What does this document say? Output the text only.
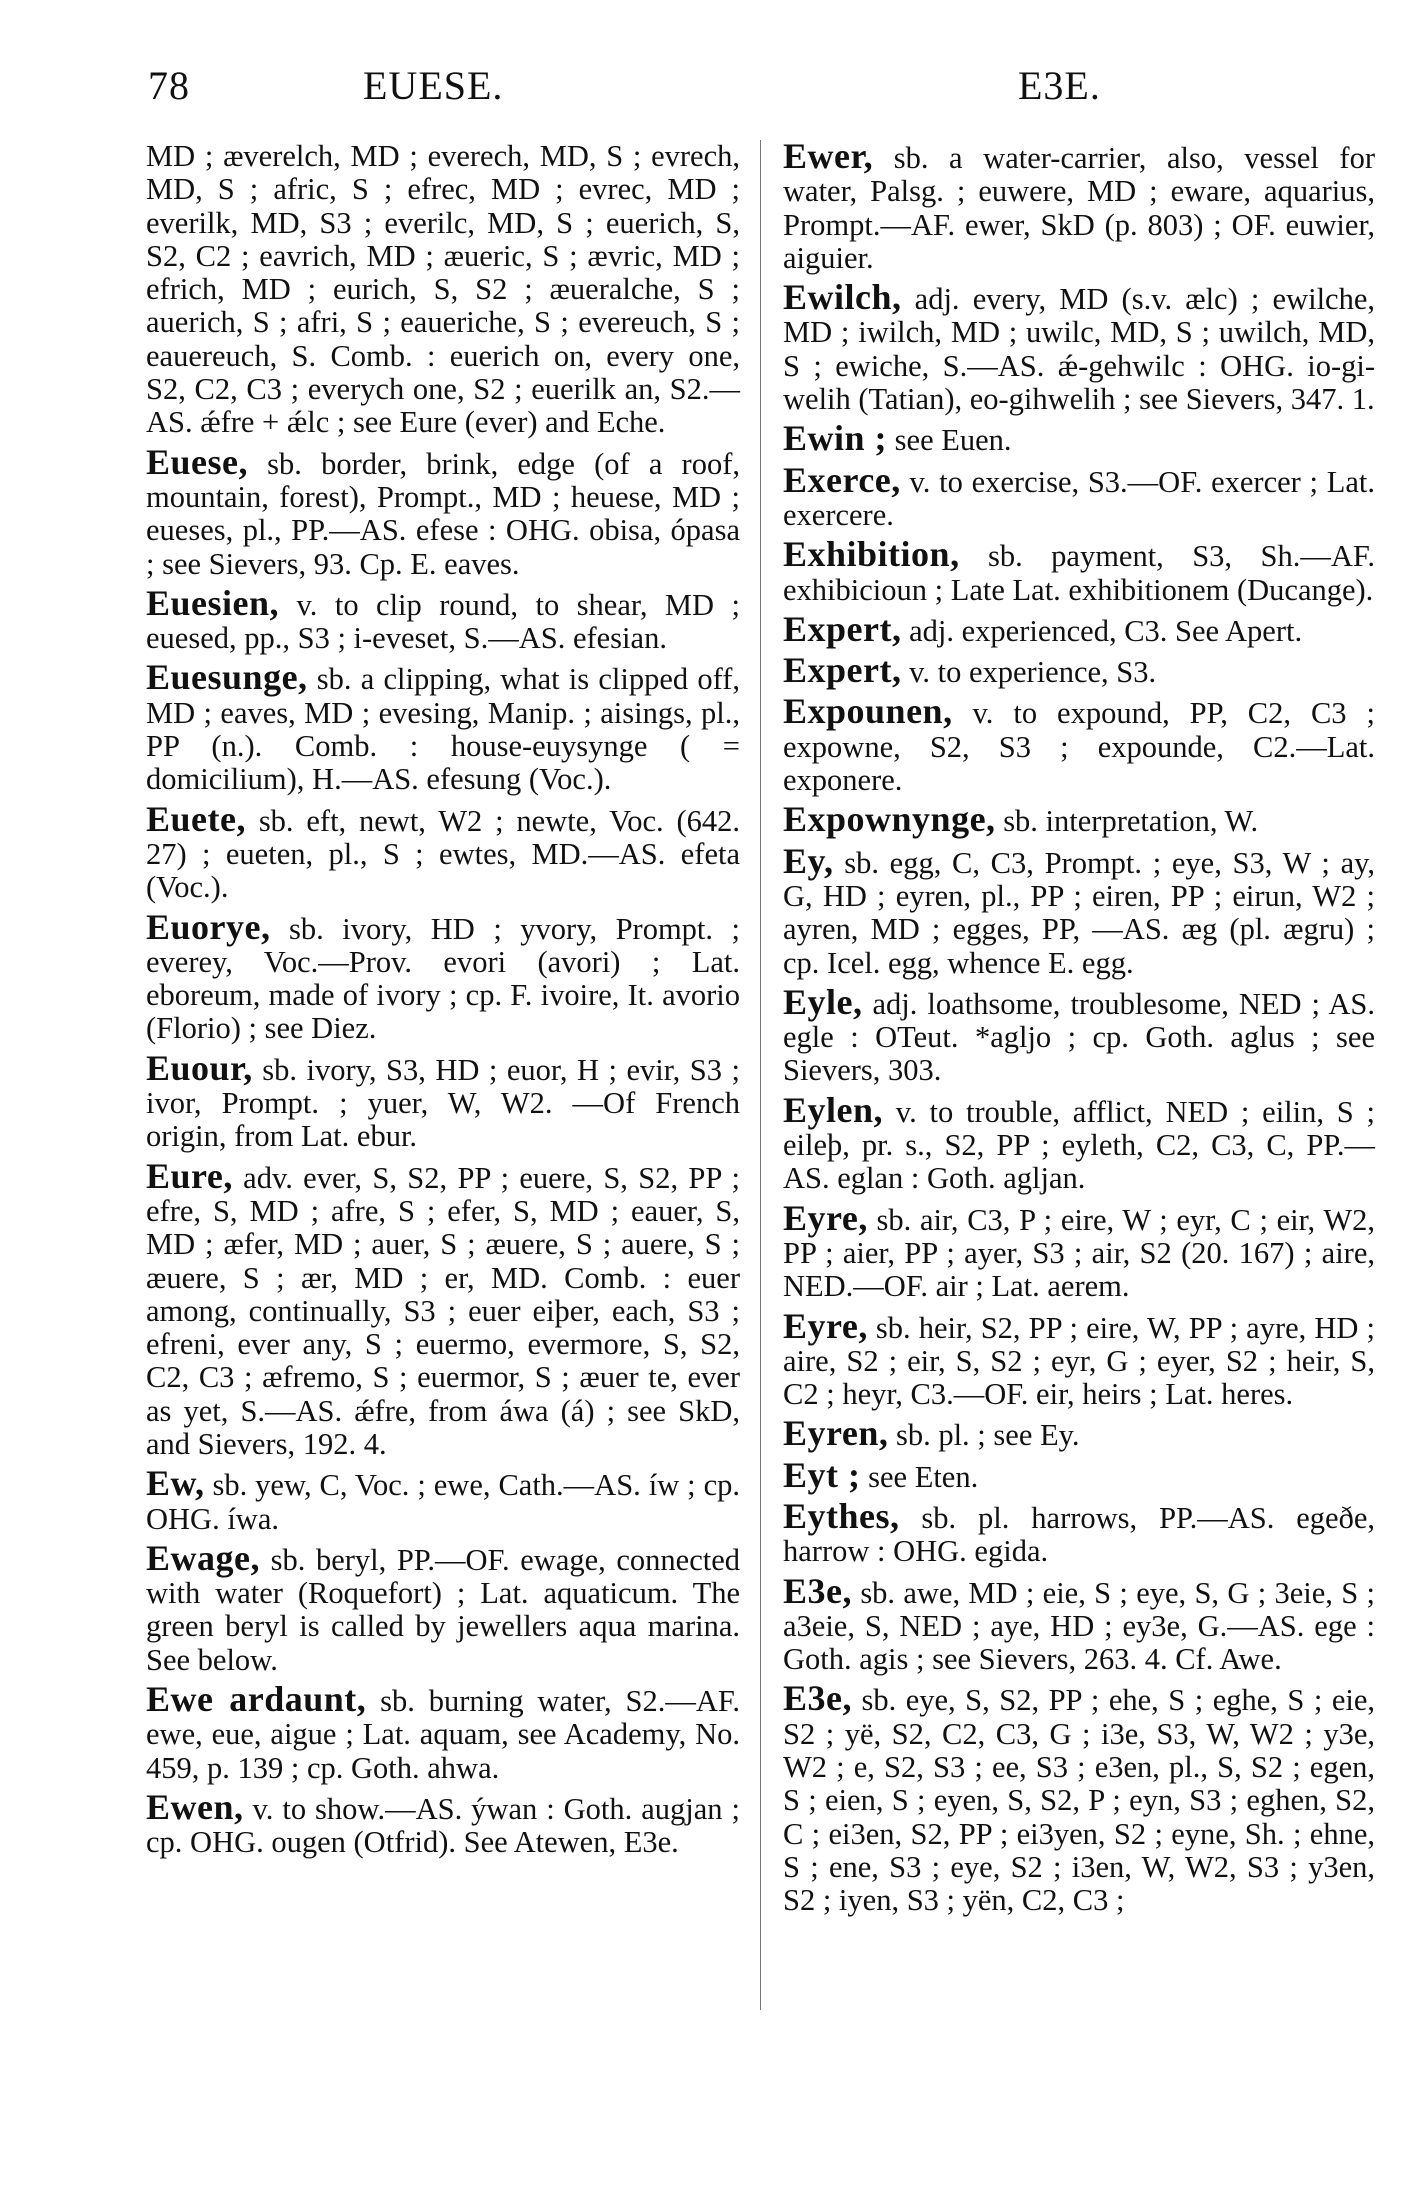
78	EUESE.	E3E.
MD ; æverelch, MD ; everech, MD, S ; evrech, MD, S ; afric, S ; efrec, MD ; evrec, MD ; everilk, MD, S3 ; everilc, MD, S ; euerich, S, S2, C2 ; eavrich, MD ; æueric, S ; ævric, MD ; efrich, MD ; eurich, S, S2 ; æueralche, S ; auerich, S ; afri, S ; eaueriche, S ; evereuch, S ; eauereuch, S. Comb. : euerich on, every one, S2, C2, C3 ; everych one, S2 ; euerilk an, S2.—AS. ǽfre + ǽlc ; see Eure (ever) and Eche.
Euese, sb. border, brink, edge (of a roof, mountain, forest), Prompt., MD ; heuese, MD ; eueses, pl., PP.—AS. efese : OHG. obisa, ópasa ; see Sievers, 93. Cp. E. eaves.
Euesien, v. to clip round, to shear, MD ; euesed, pp., S3 ; i-eveset, S.—AS. efesian.
Euesunge, sb. a clipping, what is clipped off, MD ; eaves, MD ; evesing, Manip. ; aisings, pl., PP (n.). Comb. : house-euysynge ( = domicilium), H.—AS. efesung (Voc.).
Euete, sb. eft, newt, W2 ; newte, Voc. (642. 27) ; eueten, pl., S ; ewtes, MD.—AS. efeta (Voc.).
Euorye, sb. ivory, HD ; yvory, Prompt. ; everey, Voc.—Prov. evori (avori) ; Lat. eboreum, made of ivory ; cp. F. ivoire, It. avorio (Florio) ; see Diez.
Euour, sb. ivory, S3, HD ; euor, H ; evir, S3 ; ivor, Prompt. ; yuer, W, W2. —Of French origin, from Lat. ebur.
Eure, adv. ever, S, S2, PP ; euere, S, S2, PP ; efre, S, MD ; afre, S ; efer, S, MD ; eauer, S, MD ; æfer, MD ; auer, S ; æuere, S ; auere, S ; æuere, S ; ær, MD ; er, MD. Comb. : euer among, continually, S3 ; euer eiþer, each, S3 ; efreni, ever any, S ; euermo, evermore, S, S2, C2, C3 ; æfremo, S ; euermor, S ; æuer te, ever as yet, S.—AS. ǽfre, from áwa (á) ; see SkD, and Sievers, 192. 4.
Ew, sb. yew, C, Voc. ; ewe, Cath.—AS. íw ; cp. OHG. íwa.
Ewage, sb. beryl, PP.—OF. ewage, connected with water (Roquefort) ; Lat. aquaticum. The green beryl is called by jewellers aqua marina. See below.
Ewe ardaunt, sb. burning water, S2.—AF. ewe, eue, aigue ; Lat. aquam, see Academy, No. 459, p. 139 ; cp. Goth. ahwa.
Ewen, v. to show.—AS. ýwan : Goth. augjan ; cp. OHG. ougen (Otfrid). See Atewen, E3e.
Ewer, sb. a water-carrier, also, vessel for water, Palsg. ; euwere, MD ; eware, aquarius, Prompt.—AF. ewer, SkD (p. 803) ; OF. euwier, aiguier.
Ewilch, adj. every, MD (s.v. ælc) ; ewilche, MD ; iwilch, MD ; uwilc, MD, S ; uwilch, MD, S ; ewiche, S.—AS. ǽ-gehwilc : OHG. io-gi-welih (Tatian), eo-gihwelih ; see Sievers, 347. 1.
Ewin ; see Euen.
Exerce, v. to exercise, S3.—OF. exercer ; Lat. exercere.
Exhibition, sb. payment, S3, Sh.—AF. exhibicioun ; Late Lat. exhibitionem (Ducange).
Expert, adj. experienced, C3. See Apert.
Expert, v. to experience, S3.
Expounen, v. to expound, PP, C2, C3 ; expowne, S2, S3 ; expounde, C2.—Lat. exponere.
Expownynge, sb. interpretation, W.
Ey, sb. egg, C, C3, Prompt. ; eye, S3, W ; ay, G, HD ; eyren, pl., PP ; eiren, PP ; eirun, W2 ; ayren, MD ; egges, PP, —AS. æg (pl. ægru) ; cp. Icel. egg, whence E. egg.
Eyle, adj. loathsome, troublesome, NED ; AS. egle : OTeut. *agljo ; cp. Goth. aglus ; see Sievers, 303.
Eylen, v. to trouble, afflict, NED ; eilin, S ; eileþ, pr. s., S2, PP ; eyleth, C2, C3, C, PP.—AS. eglan : Goth. agljan.
Eyre, sb. air, C3, P ; eire, W ; eyr, C ; eir, W2, PP ; aier, PP ; ayer, S3 ; air, S2 (20. 167) ; aire, NED.—OF. air ; Lat. aerem.
Eyre, sb. heir, S2, PP ; eire, W, PP ; ayre, HD ; aire, S2 ; eir, S, S2 ; eyr, G ; eyer, S2 ; heir, S, C2 ; heyr, C3.—OF. eir, heirs ; Lat. heres.
Eyren, sb. pl. ; see Ey.
Eyt ; see Eten.
Eythes, sb. pl. harrows, PP.—AS. egeðe, harrow : OHG. egida.
E3e, sb. awe, MD ; eie, S ; eye, S, G ; 3eie, S ; a3eie, S, NED ; aye, HD ; ey3e, G.—AS. ege : Goth. agis ; see Sievers, 263. 4. Cf. Awe.
E3e, sb. eye, S, S2, PP ; ehe, S ; eghe, S ; eie, S2 ; yë, S2, C2, C3, G ; i3e, S3, W, W2 ; y3e, W2 ; e, S2, S3 ; ee, S3 ; e3en, pl., S, S2 ; egen, S ; eien, S ; eyen, S, S2, P ; eyn, S3 ; eghen, S2, C ; ei3en, S2, PP ; ei3yen, S2 ; eyne, Sh. ; ehne, S ; ene, S3 ; eye, S2 ; i3en, W, W2, S3 ; y3en, S2 ; iyen, S3 ; yën, C2, C3 ;
